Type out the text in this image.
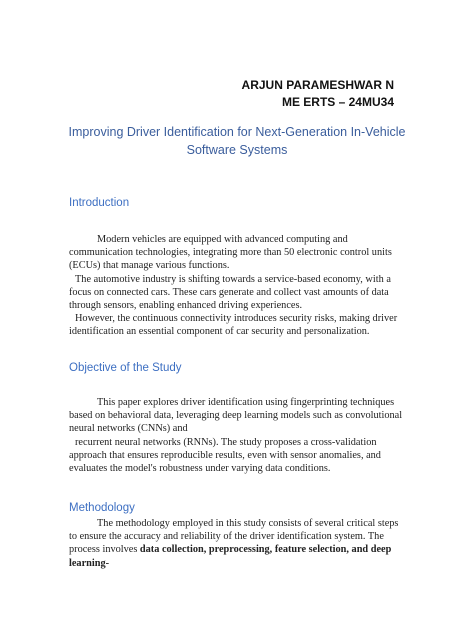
ARJUN PARAMESHWAR N
ME ERTS – 24MU34
Improving Driver Identification for Next-Generation In-Vehicle Software Systems
Introduction

Modern vehicles are equipped with advanced computing and communication technologies, integrating more than 50 electronic control units (ECUs) that manage various functions.

The automotive industry is shifting towards a service-based economy, with a focus on connected cars. These cars generate and collect vast amounts of data through sensors, enabling enhanced driving experiences.

However, the continuous connectivity introduces security risks, making driver identification an essential component of car security and personalization.

Objective of the Study

This paper explores driver identification using fingerprinting techniques based on behavioral data, leveraging deep learning models such as convolutional neural networks (CNNs) and

recurrent neural networks (RNNs). The study proposes a cross-validation approach that ensures reproducible results, even with sensor anomalies, and evaluates the model's robustness under varying data conditions.

Methodology

The methodology employed in this study consists of several critical steps to ensure the accuracy and reliability of the driver identification system. The process involves data collection, preprocessing, feature selection, and deep learning-
